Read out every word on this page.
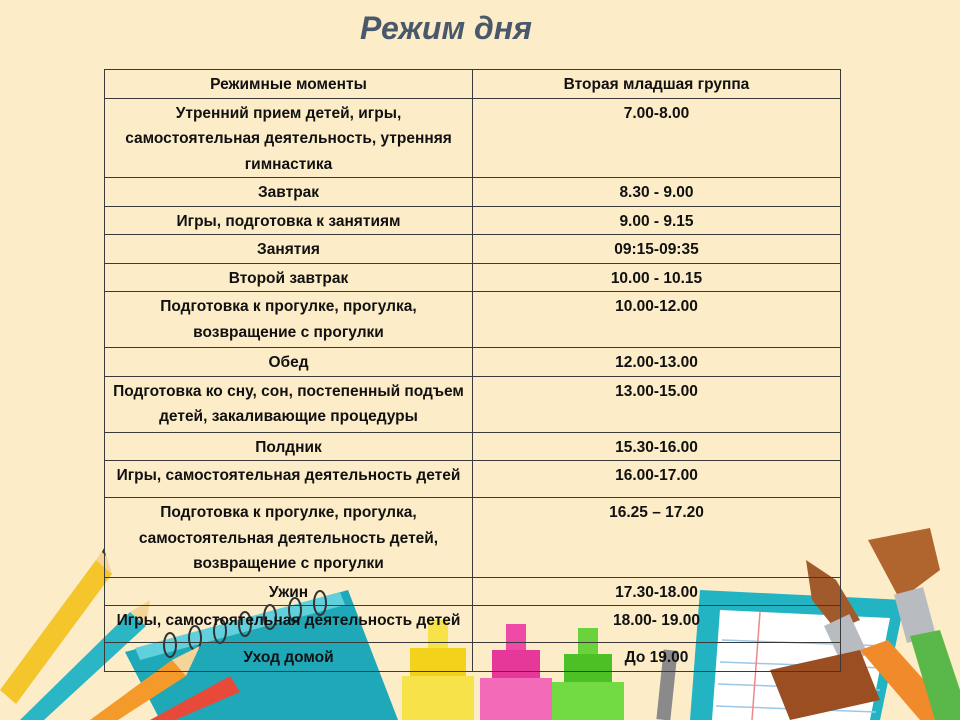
Режим дня
Режимные моменты	Вторая младшая группа
Утренний прием детей, игры, самостоятельная деятельность, утренняя гимнастика	7.00-8.00
Завтрак	8.30 - 9.00
Игры, подготовка к занятиям	9.00 - 9.15
Занятия	09:15-09:35
Второй завтрак	10.00 - 10.15
Подготовка к прогулке, прогулка, возвращение с прогулки	10.00-12.00
Обед	12.00-13.00
Подготовка ко сну, сон, постепенный подъем детей, закаливающие процедуры	13.00-15.00
Полдник	15.30-16.00
Игры, самостоятельная деятельность детей	16.00-17.00
Подготовка к прогулке, прогулка, самостоятельная деятельность детей, возвращение с прогулки	16.25 – 17.20
Ужин	17.30-18.00
Игры, самостоятельная деятельность детей	18.00- 19.00
Уход домой	До 19.00
